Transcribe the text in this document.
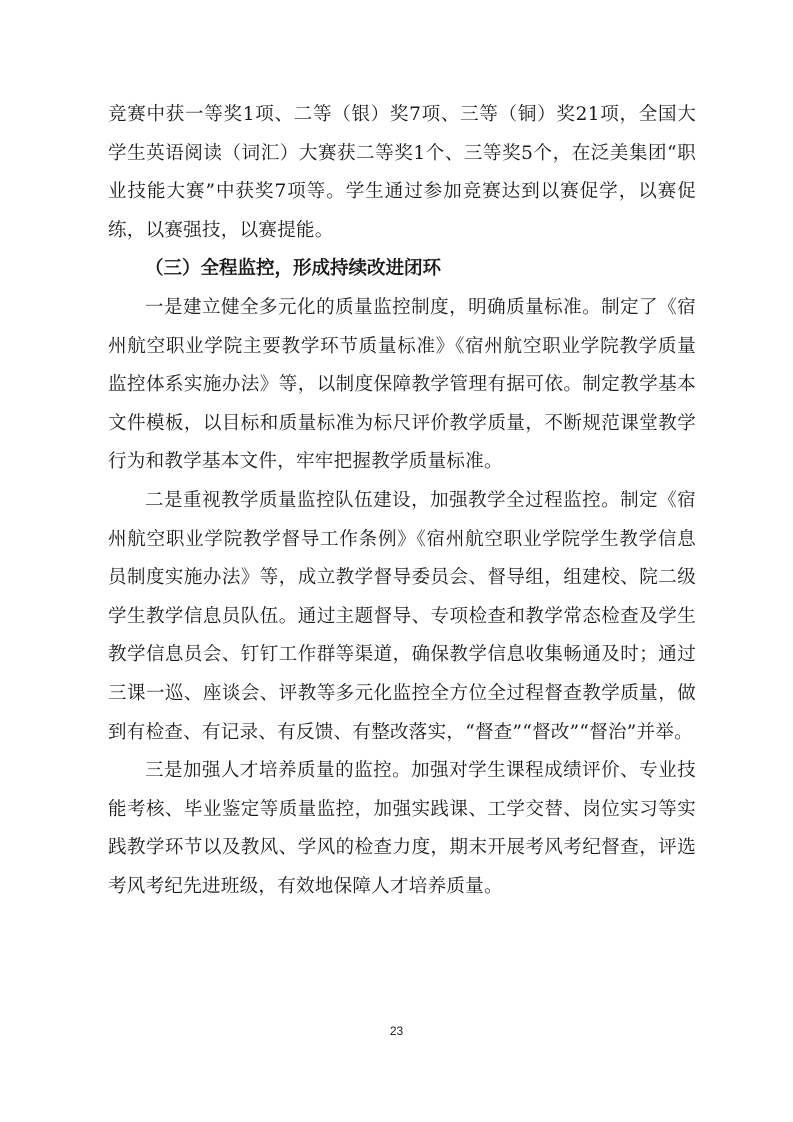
竞赛中获一等奖1项、二等（银）奖7项、三等（铜）奖21项，全国大学生英语阅读（词汇）大赛获二等奖1个、三等奖5个，在泛美集团“职业技能大赛”中获奖7项等。学生通过参加竞赛达到以赛促学，以赛促练，以赛强技，以赛提能。

（三）全程监控，形成持续改进闭环

一是建立健全多元化的质量监控制度，明确质量标准。制定了《宿州航空职业学院主要教学环节质量标准》《宿州航空职业学院教学质量监控体系实施办法》等，以制度保障教学管理有据可依。制定教学基本文件模板，以目标和质量标准为标尺评价教学质量，不断规范课堂教学行为和教学基本文件，牢牢把握教学质量标准。

二是重视教学质量监控队伍建设，加强教学全过程监控。制定《宿州航空职业学院教学督导工作条例》《宿州航空职业学院学生教学信息员制度实施办法》等，成立教学督导委员会、督导组，组建校、院二级学生教学信息员队伍。通过主题督导、专项检查和教学常态检查及学生教学信息员会、钉钉工作群等渠道，确保教学信息收集畅通及时；通过三课一巡、座谈会、评教等多元化监控全方位全过程督查教学质量，做到有检查、有记录、有反馈、有整改落实，“督查”“督改”“督治”并举。

三是加强人才培养质量的监控。加强对学生课程成绩评价、专业技能考核、毕业鉴定等质量监控，加强实践课、工学交替、岗位实习等实践教学环节以及教风、学风的检查力度，期末开展考风考纪督查，评选考风考纪先进班级，有效地保障人才培养质量。

23
